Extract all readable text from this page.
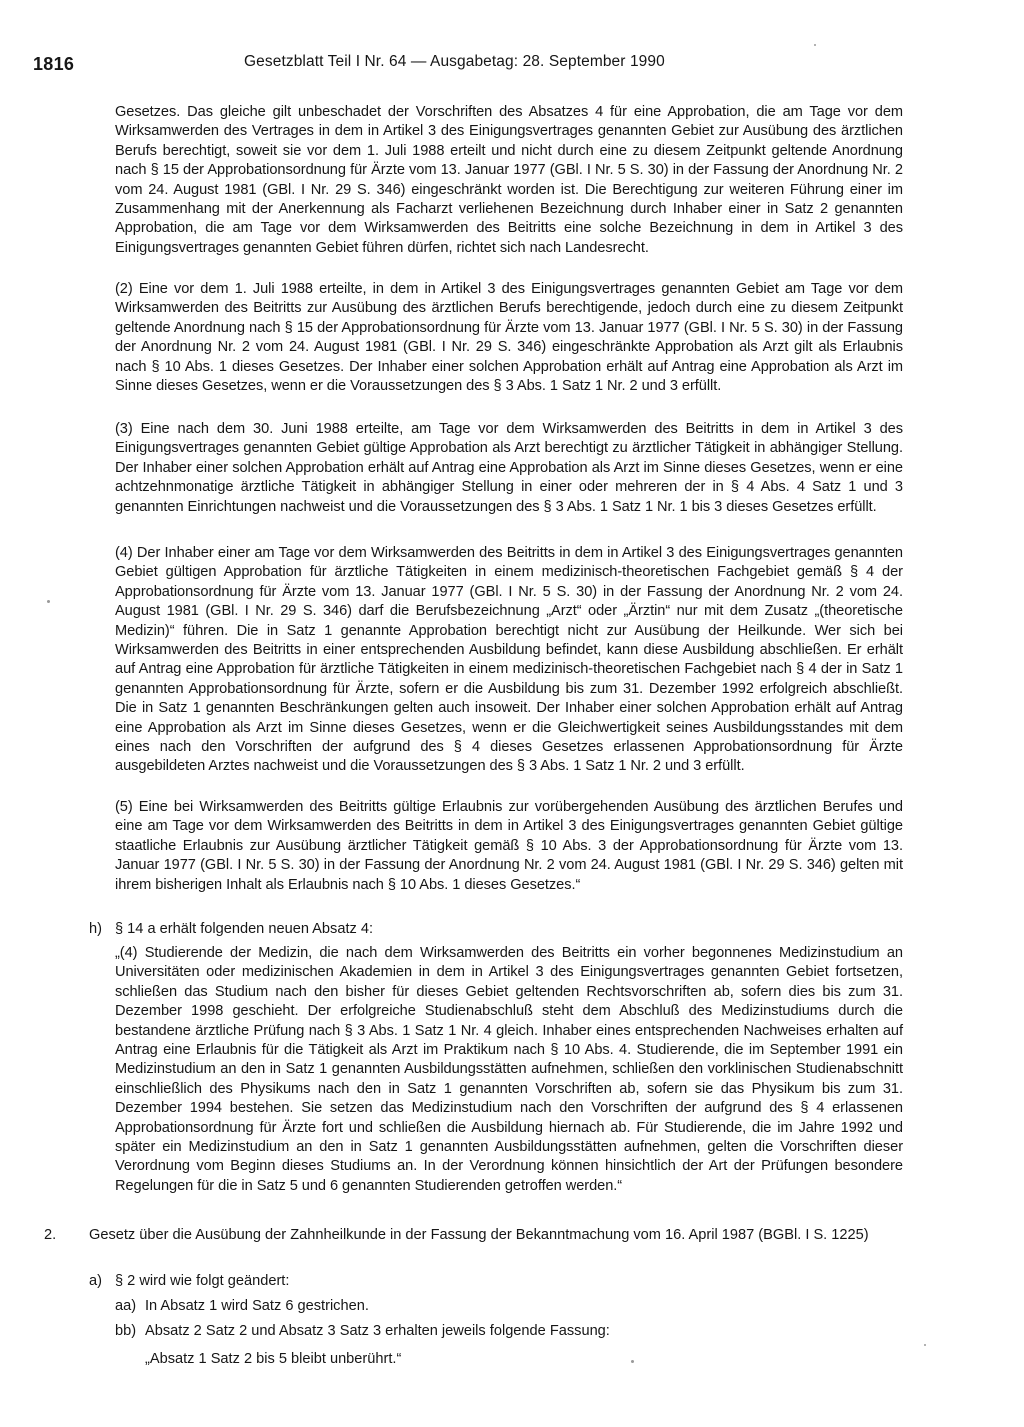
1816	Gesetzblatt Teil I Nr. 64 — Ausgabetag: 28. September 1990

Gesetzes. Das gleiche gilt unbeschadet der Vorschriften des Absatzes 4 für eine Approbation, die am Tage vor dem Wirksamwerden des Vertrages in dem in Artikel 3 des Einigungsvertrages genannten Gebiet zur Ausübung des ärztlichen Berufs berechtigt, soweit sie vor dem 1. Juli 1988 erteilt und nicht durch eine zu diesem Zeitpunkt geltende Anordnung nach § 15 der Approbationsordnung für Ärzte vom 13. Januar 1977 (GBl. I Nr. 5 S. 30) in der Fassung der Anordnung Nr. 2 vom 24. August 1981 (GBl. I Nr. 29 S. 346) eingeschränkt worden ist. Die Berechtigung zur weiteren Führung einer im Zusammenhang mit der Anerkennung als Facharzt verliehenen Bezeichnung durch Inhaber einer in Satz 2 genannten Approbation, die am Tage vor dem Wirksamwerden des Beitritts eine solche Bezeichnung in dem in Artikel 3 des Einigungsvertrages genannten Gebiet führen dürfen, richtet sich nach Landesrecht.

(2) Eine vor dem 1. Juli 1988 erteilte, in dem in Artikel 3 des Einigungsvertrages genannten Gebiet am Tage vor dem Wirksamwerden des Beitritts zur Ausübung des ärztlichen Berufs berechtigende, jedoch durch eine zu diesem Zeitpunkt geltende Anordnung nach § 15 der Approbationsordnung für Ärzte vom 13. Januar 1977 (GBl. I Nr. 5 S. 30) in der Fassung der Anordnung Nr. 2 vom 24. August 1981 (GBl. I Nr. 29 S. 346) eingeschränkte Approbation als Arzt gilt als Erlaubnis nach § 10 Abs. 1 dieses Gesetzes. Der Inhaber einer solchen Approbation erhält auf Antrag eine Approbation als Arzt im Sinne dieses Gesetzes, wenn er die Voraussetzungen des § 3 Abs. 1 Satz 1 Nr. 2 und 3 erfüllt.

(3) Eine nach dem 30. Juni 1988 erteilte, am Tage vor dem Wirksamwerden des Beitritts in dem in Artikel 3 des Einigungsvertrages genannten Gebiet gültige Approbation als Arzt berechtigt zu ärztlicher Tätigkeit in abhängiger Stellung. Der Inhaber einer solchen Approbation erhält auf Antrag eine Approbation als Arzt im Sinne dieses Gesetzes, wenn er eine achtzehnmonatige ärztliche Tätigkeit in abhängiger Stellung in einer oder mehreren der in § 4 Abs. 4 Satz 1 und 3 genannten Einrichtungen nachweist und die Voraussetzungen des § 3 Abs. 1 Satz 1 Nr. 1 bis 3 dieses Gesetzes erfüllt.

(4) Der Inhaber einer am Tage vor dem Wirksamwerden des Beitritts in dem in Artikel 3 des Einigungsvertrages genannten Gebiet gültigen Approbation für ärztliche Tätigkeiten in einem medizinisch-theoretischen Fachgebiet gemäß § 4 der Approbationsordnung für Ärzte vom 13. Januar 1977 (GBl. I Nr. 5 S. 30) in der Fassung der Anordnung Nr. 2 vom 24. August 1981 (GBl. I Nr. 29 S. 346) darf die Berufsbezeichnung „Arzt“ oder „Ärztin“ nur mit dem Zusatz „(theoretische Medizin)“ führen. Die in Satz 1 genannte Approbation berechtigt nicht zur Ausübung der Heilkunde. Wer sich bei Wirksamwerden des Beitritts in einer entsprechenden Ausbildung befindet, kann diese Ausbildung abschließen. Er erhält auf Antrag eine Approbation für ärztliche Tätigkeiten in einem medizinisch-theoretischen Fachgebiet nach § 4 der in Satz 1 genannten Approbationsordnung für Ärzte, sofern er die Ausbildung bis zum 31. Dezember 1992 erfolgreich abschließt. Die in Satz 1 genannten Beschränkungen gelten auch insoweit. Der Inhaber einer solchen Approbation erhält auf Antrag eine Approbation als Arzt im Sinne dieses Gesetzes, wenn er die Gleichwertigkeit seines Ausbildungsstandes mit dem eines nach den Vorschriften der aufgrund des § 4 dieses Gesetzes erlassenen Approbationsordnung für Ärzte ausgebildeten Arztes nachweist und die Voraussetzungen des § 3 Abs. 1 Satz 1 Nr. 2 und 3 erfüllt.

(5) Eine bei Wirksamwerden des Beitritts gültige Erlaubnis zur vorübergehenden Ausübung des ärztlichen Berufes und eine am Tage vor dem Wirksamwerden des Beitritts in dem in Artikel 3 des Einigungsvertrages genannten Gebiet gültige staatliche Erlaubnis zur Ausübung ärztlicher Tätigkeit gemäß § 10 Abs. 3 der Approbationsordnung für Ärzte vom 13. Januar 1977 (GBl. I Nr. 5 S. 30) in der Fassung der Anordnung Nr. 2 vom 24. August 1981 (GBl. I Nr. 29 S. 346) gelten mit ihrem bisherigen Inhalt als Erlaubnis nach § 10 Abs. 1 dieses Gesetzes.“

h) § 14 a erhält folgenden neuen Absatz 4:

„(4) Studierende der Medizin, die nach dem Wirksamwerden des Beitritts ein vorher begonnenes Medizinstudium an Universitäten oder medizinischen Akademien in dem in Artikel 3 des Einigungsvertrages genannten Gebiet fortsetzen, schließen das Studium nach den bisher für dieses Gebiet geltenden Rechtsvorschriften ab, sofern dies bis zum 31. Dezember 1998 geschieht. Der erfolgreiche Studienabschluß steht dem Abschluß des Medizinstudiums durch die bestandene ärztliche Prüfung nach § 3 Abs. 1 Satz 1 Nr. 4 gleich. Inhaber eines entsprechenden Nachweises erhalten auf Antrag eine Erlaubnis für die Tätigkeit als Arzt im Praktikum nach § 10 Abs. 4. Studierende, die im September 1991 ein Medizinstudium an den in Satz 1 genannten Ausbildungsstätten aufnehmen, schließen den vorklinischen Studienabschnitt einschließlich des Physikums nach den in Satz 1 genannten Vorschriften ab, sofern sie das Physikum bis zum 31. Dezember 1994 bestehen. Sie setzen das Medizinstudium nach den Vorschriften der aufgrund des § 4 erlassenen Approbationsordnung für Ärzte fort und schließen die Ausbildung hiernach ab. Für Studierende, die im Jahre 1992 und später ein Medizinstudium an den in Satz 1 genannten Ausbildungsstätten aufnehmen, gelten die Vorschriften dieser Verordnung vom Beginn dieses Studiums an. In der Verordnung können hinsichtlich der Art der Prüfungen besondere Regelungen für die in Satz 5 und 6 genannten Studierenden getroffen werden.“

2. Gesetz über die Ausübung der Zahnheilkunde in der Fassung der Bekanntmachung vom 16. April 1987 (BGBl. I S. 1225)

a) § 2 wird wie folgt geändert:
aa) In Absatz 1 wird Satz 6 gestrichen.
bb) Absatz 2 Satz 2 und Absatz 3 Satz 3 erhalten jeweils folgende Fassung:
„Absatz 1 Satz 2 bis 5 bleibt unberührt.“
